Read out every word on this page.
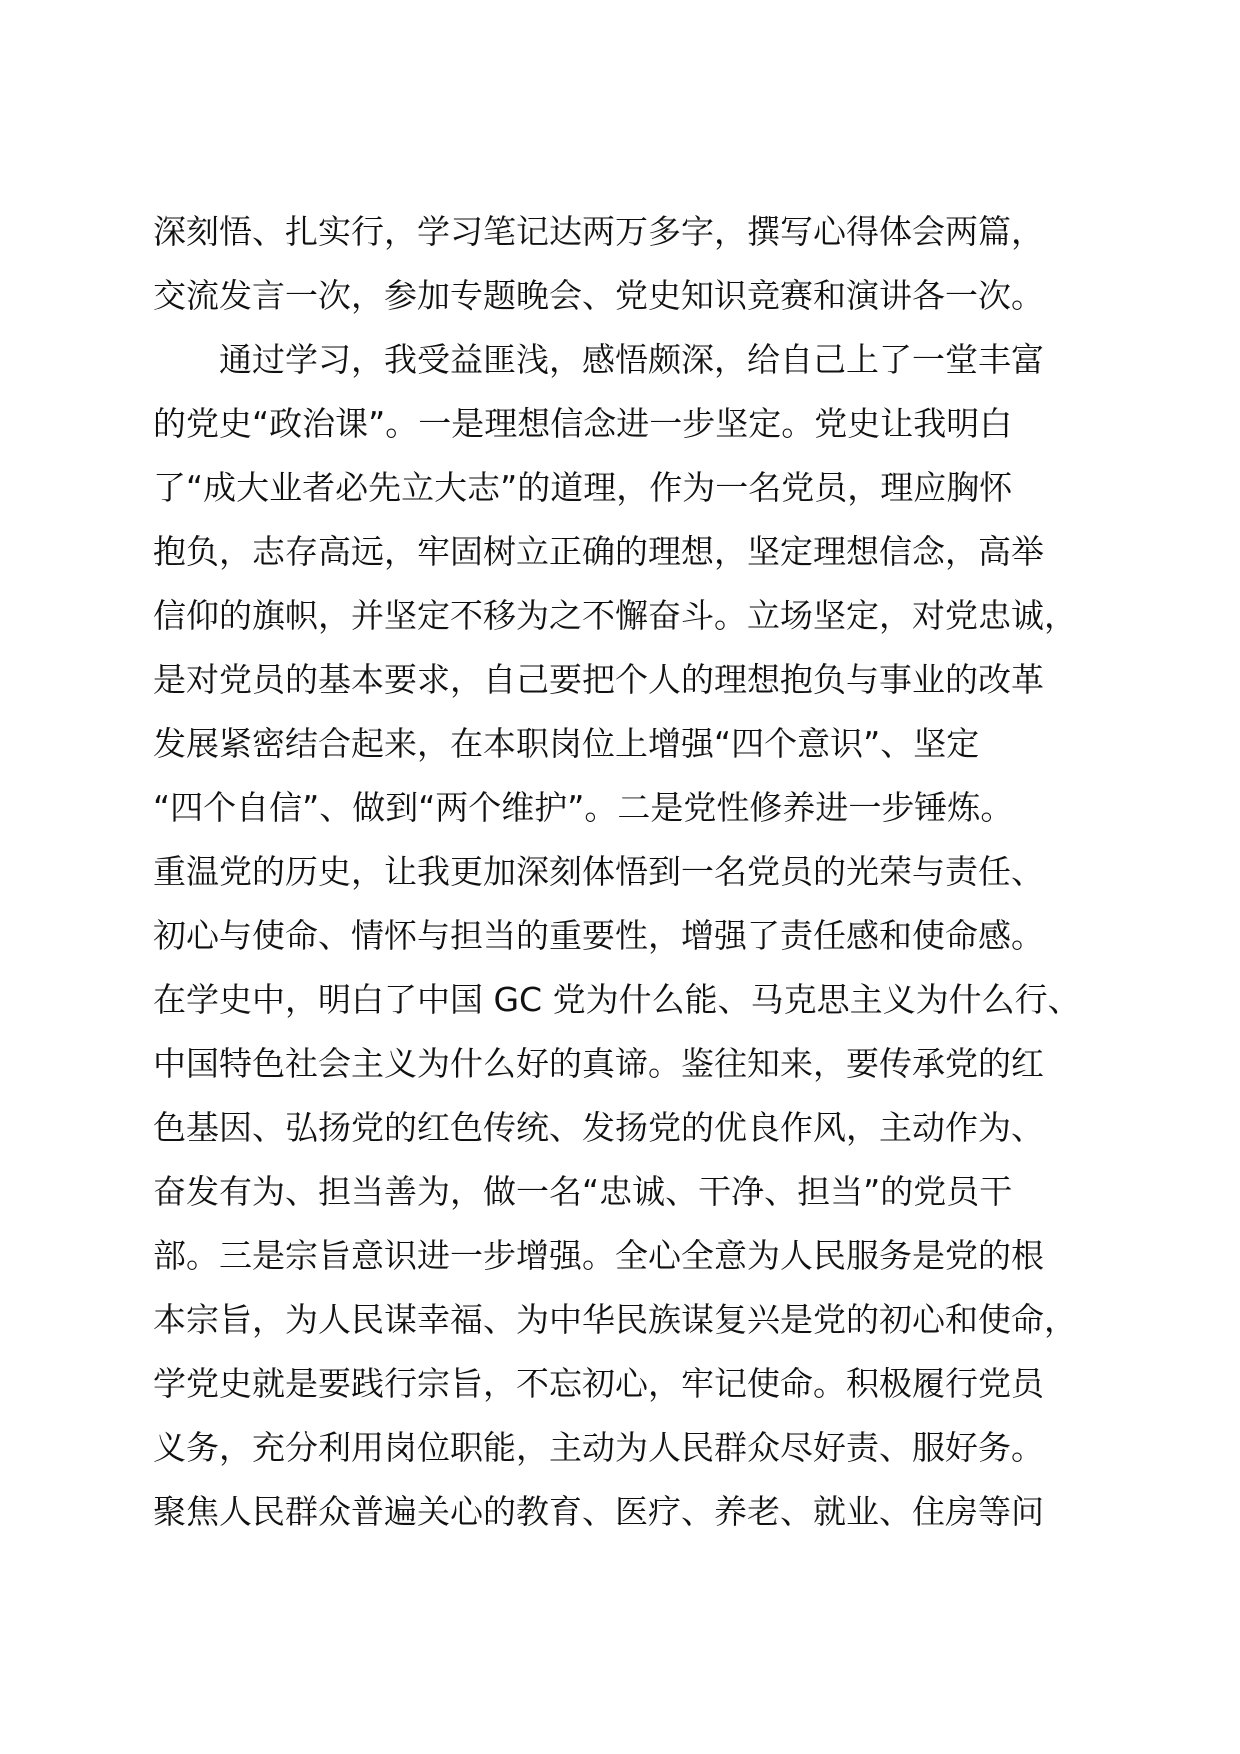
深刻悟、扎实行，学习笔记达两万多字，撰写心得体会两篇，
交流发言一次，参加专题晚会、党史知识竞赛和演讲各一次。
　　通过学习，我受益匪浅，感悟颇深，给自己上了一堂丰富
的党史“政治课”。一是理想信念进一步坚定。党史让我明白
了“成大业者必先立大志”的道理，作为一名党员，理应胸怀
抱负，志存高远，牢固树立正确的理想，坚定理想信念，高举
信仰的旗帜，并坚定不移为之不懈奋斗。立场坚定，对党忠诚，
是对党员的基本要求，自己要把个人的理想抱负与事业的改革
发展紧密结合起来，在本职岗位上增强“四个意识”、坚定
“四个自信”、做到“两个维护”。二是党性修养进一步锤炼。
重温党的历史，让我更加深刻体悟到一名党员的光荣与责任、
初心与使命、情怀与担当的重要性，增强了责任感和使命感。
在学史中，明白了中国 GC 党为什么能、马克思主义为什么行、
中国特色社会主义为什么好的真谛。鉴往知来，要传承党的红
色基因、弘扬党的红色传统、发扬党的优良作风，主动作为、
奋发有为、担当善为，做一名“忠诚、干净、担当”的党员干
部。三是宗旨意识进一步增强。全心全意为人民服务是党的根
本宗旨，为人民谋幸福、为中华民族谋复兴是党的初心和使命，
学党史就是要践行宗旨，不忘初心，牢记使命。积极履行党员
义务，充分利用岗位职能，主动为人民群众尽好责、服好务。
聚焦人民群众普遍关心的教育、医疗、养老、就业、住房等问
